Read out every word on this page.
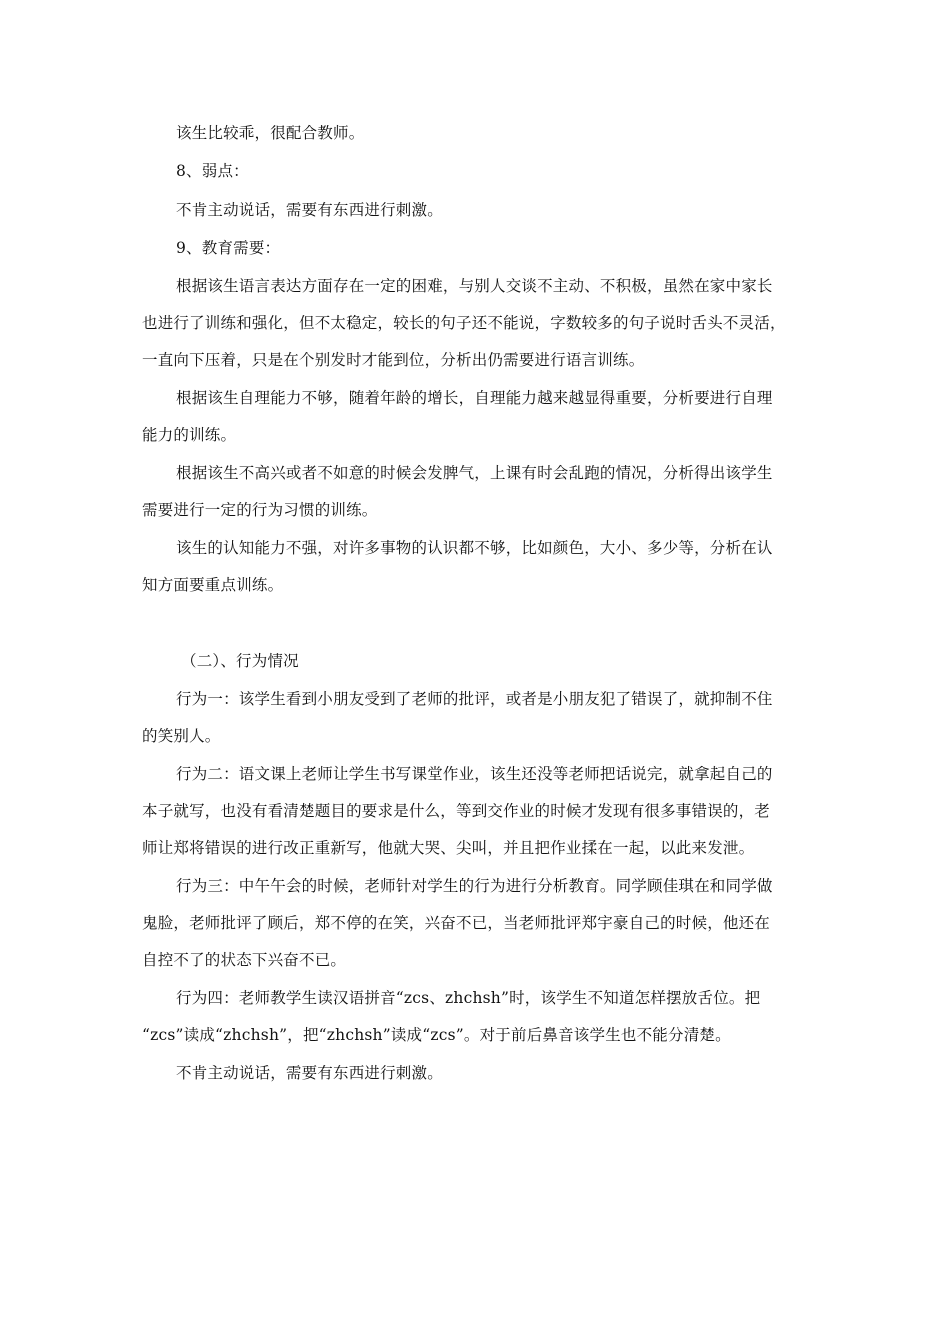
该生比较乖，很配合教师。
8、弱点：
不肯主动说话，需要有东西进行刺激。
9、教育需要：
根据该生语言表达方面存在一定的困难，与别人交谈不主动、不积极，虽然在家中家长
也进行了训练和强化，但不太稳定，较长的句子还不能说，字数较多的句子说时舌头不灵活，
一直向下压着，只是在个别发时才能到位，分析出仍需要进行语言训练。
根据该生自理能力不够，随着年龄的增长，自理能力越来越显得重要，分析要进行自理
能力的训练。
根据该生不高兴或者不如意的时候会发脾气，上课有时会乱跑的情况，分析得出该学生
需要进行一定的行为习惯的训练。
该生的认知能力不强，对许多事物的认识都不够，比如颜色，大小、多少等，分析在认
知方面要重点训练。
（二）、行为情况
行为一：该学生看到小朋友受到了老师的批评，或者是小朋友犯了错误了，就抑制不住
的笑别人。
行为二：语文课上老师让学生书写课堂作业，该生还没等老师把话说完，就拿起自己的
本子就写，也没有看清楚题目的要求是什么，等到交作业的时候才发现有很多事错误的，老
师让郑将错误的进行改正重新写，他就大哭、尖叫，并且把作业揉在一起，以此来发泄。
行为三：中午午会的时候，老师针对学生的行为进行分析教育。同学顾佳琪在和同学做
鬼脸，老师批评了顾后，郑不停的在笑，兴奋不已，当老师批评郑宇豪自己的时候，他还在
自控不了的状态下兴奋不已。
行为四：老师教学生读汉语拼音“zcs、zhchsh”时，该学生不知道怎样摆放舌位。把
“zcs”读成“zhchsh”，把“zhchsh”读成“zcs”。对于前后鼻音该学生也不能分清楚。
不肯主动说话，需要有东西进行刺激。
